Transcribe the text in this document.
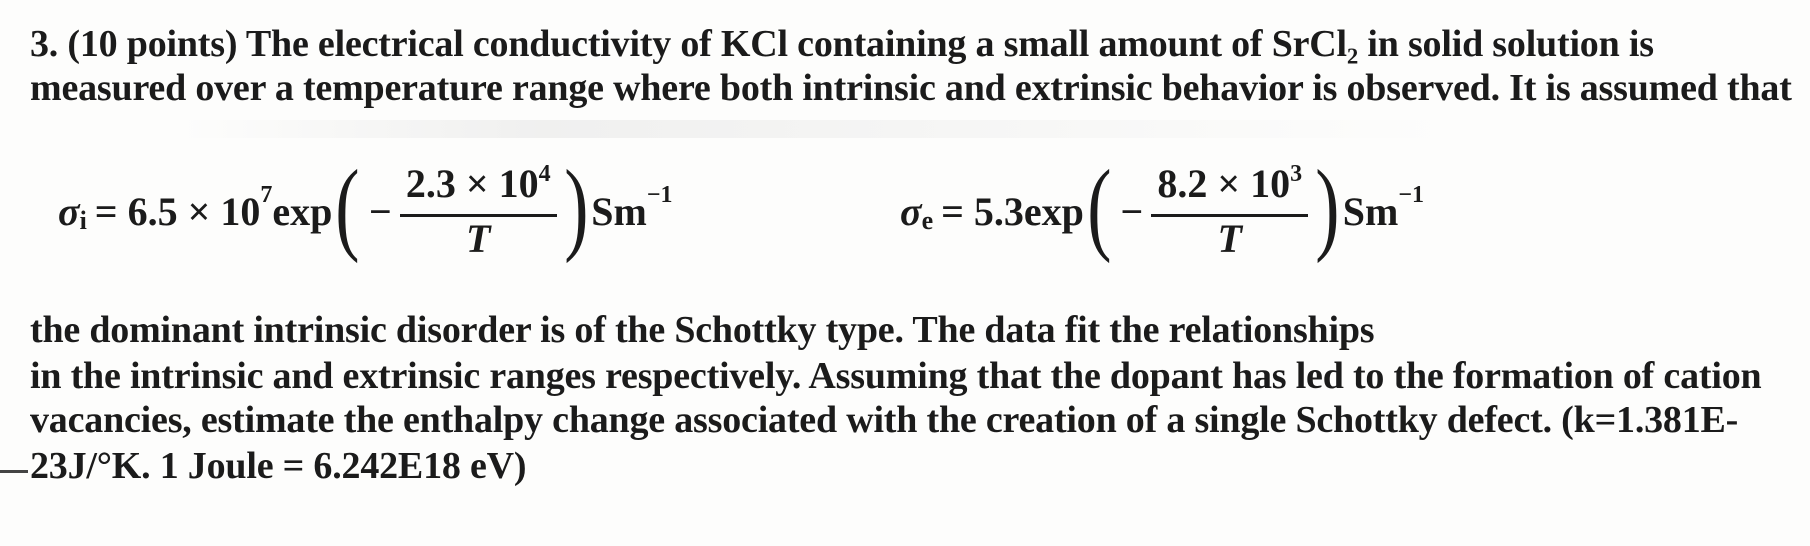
3. (10 points) The electrical conductivity of KCl containing a small amount of SrCl₂ in solid solution is
measured over a temperature range where both intrinsic and extrinsic behavior is observed. It is assumed that
σ i = 6.5 × 10 7 exp ( − $\frac{2.3 \times 10^4}{T}$ ) Sm −1	σ e = 5.3exp ( − $\frac{8.2 \times 10^3}{T}$ ) Sm −1
the dominant intrinsic disorder is of the Schottky type. The data fit the relationships
in the intrinsic and extrinsic ranges respectively. Assuming that the dopant has led to the formation of cation
vacancies, estimate the enthalpy change associated with the creation of a single Schottky defect. (k=1.381E-
23J/°K. 1 Joule = 6.242E18 eV)
